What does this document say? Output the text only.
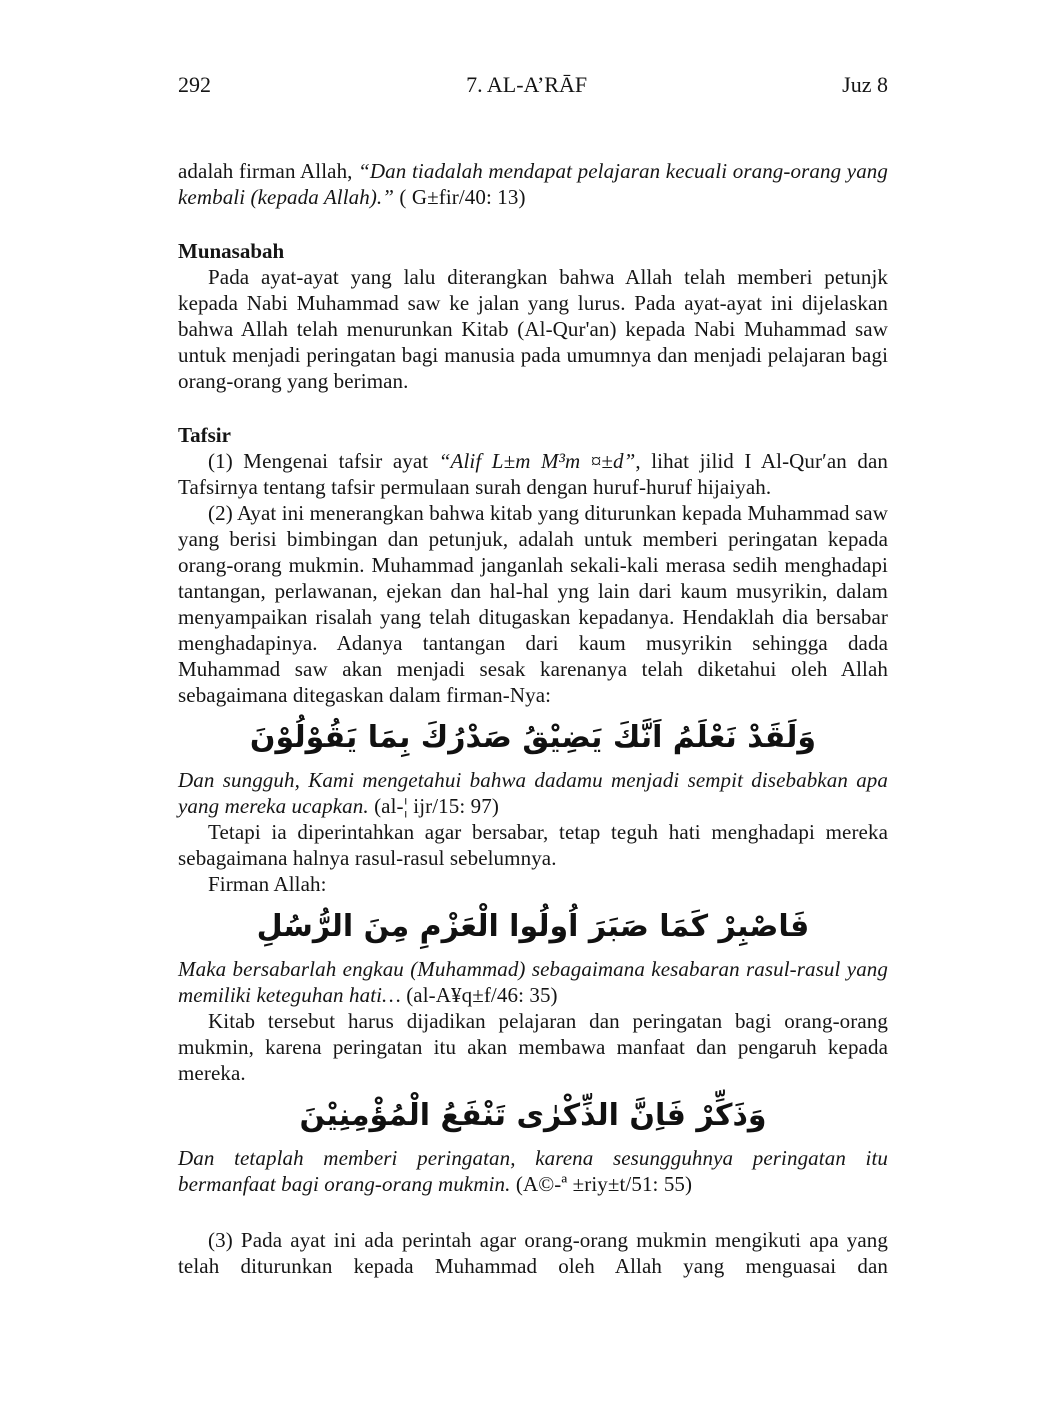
292	7. AL-A’RĀF	Juz 8

adalah firman Allah, “Dan tiadalah mendapat pelajaran kecuali orang-orang yang kembali (kepada Allah).” ( G±fir/40: 13)

Munasabah

Pada ayat-ayat yang lalu diterangkan bahwa Allah telah memberi petunjk kepada Nabi Muhammad saw ke jalan yang lurus. Pada ayat-ayat ini dijelaskan bahwa Allah telah menurunkan Kitab (Al-Qur'an) kepada Nabi Muhammad saw untuk menjadi peringatan bagi manusia pada umumnya dan menjadi pelajaran bagi orang-orang yang beriman.

Tafsir

(1) Mengenai tafsir ayat “Alif L±m M³m ¤±d”, lihat jilid I Al-Qur′an dan Tafsirnya tentang tafsir permulaan surah dengan huruf-huruf hijaiyah.

(2) Ayat ini menerangkan bahwa kitab yang diturunkan kepada Muhammad saw yang berisi bimbingan dan petunjuk, adalah untuk memberi peringatan kepada orang-orang mukmin. Muhammad janganlah sekali-kali merasa sedih menghadapi tantangan, perlawanan, ejekan dan hal-hal yng lain dari kaum musyrikin, dalam menyampaikan risalah yang telah ditugaskan kepadanya. Hendaklah dia bersabar menghadapinya. Adanya tantangan dari kaum musyrikin sehingga dada Muhammad saw akan menjadi sesak karenanya telah diketahui oleh Allah sebagaimana ditegaskan dalam firman-Nya:

وَلَقَدْ نَعْلَمُ اَنَّكَ يَضِيْقُ صَدْرُكَ بِمَا يَقُوْلُوْنَ

Dan sungguh, Kami mengetahui bahwa dadamu menjadi sempit disebabkan apa yang mereka ucapkan. (al-¦ ijr/15: 97)

Tetapi ia diperintahkan agar bersabar, tetap teguh hati menghadapi mereka sebagaimana halnya rasul-rasul sebelumnya.

Firman Allah:

فَاصْبِرْ كَمَا صَبَرَ اُولُوا الْعَزْمِ مِنَ الرُّسُلِ

Maka bersabarlah engkau (Muhammad) sebagaimana kesabaran rasul-rasul yang memiliki keteguhan hati… (al-A¥q±f/46: 35)

Kitab tersebut harus dijadikan pelajaran dan peringatan bagi orang-orang mukmin, karena peringatan itu akan membawa manfaat dan pengaruh kepada mereka.

وَذَكِّرْ فَاِنَّ الذِّكْرٰى تَنْفَعُ الْمُؤْمِنِيْنَ

Dan tetaplah memberi peringatan, karena sesungguhnya peringatan itu bermanfaat bagi orang-orang mukmin. (A©-ª ±riy±t/51: 55)

(3) Pada ayat ini ada perintah agar orang-orang mukmin mengikuti apa yang telah diturunkan kepada Muhammad oleh Allah yang menguasai dan
